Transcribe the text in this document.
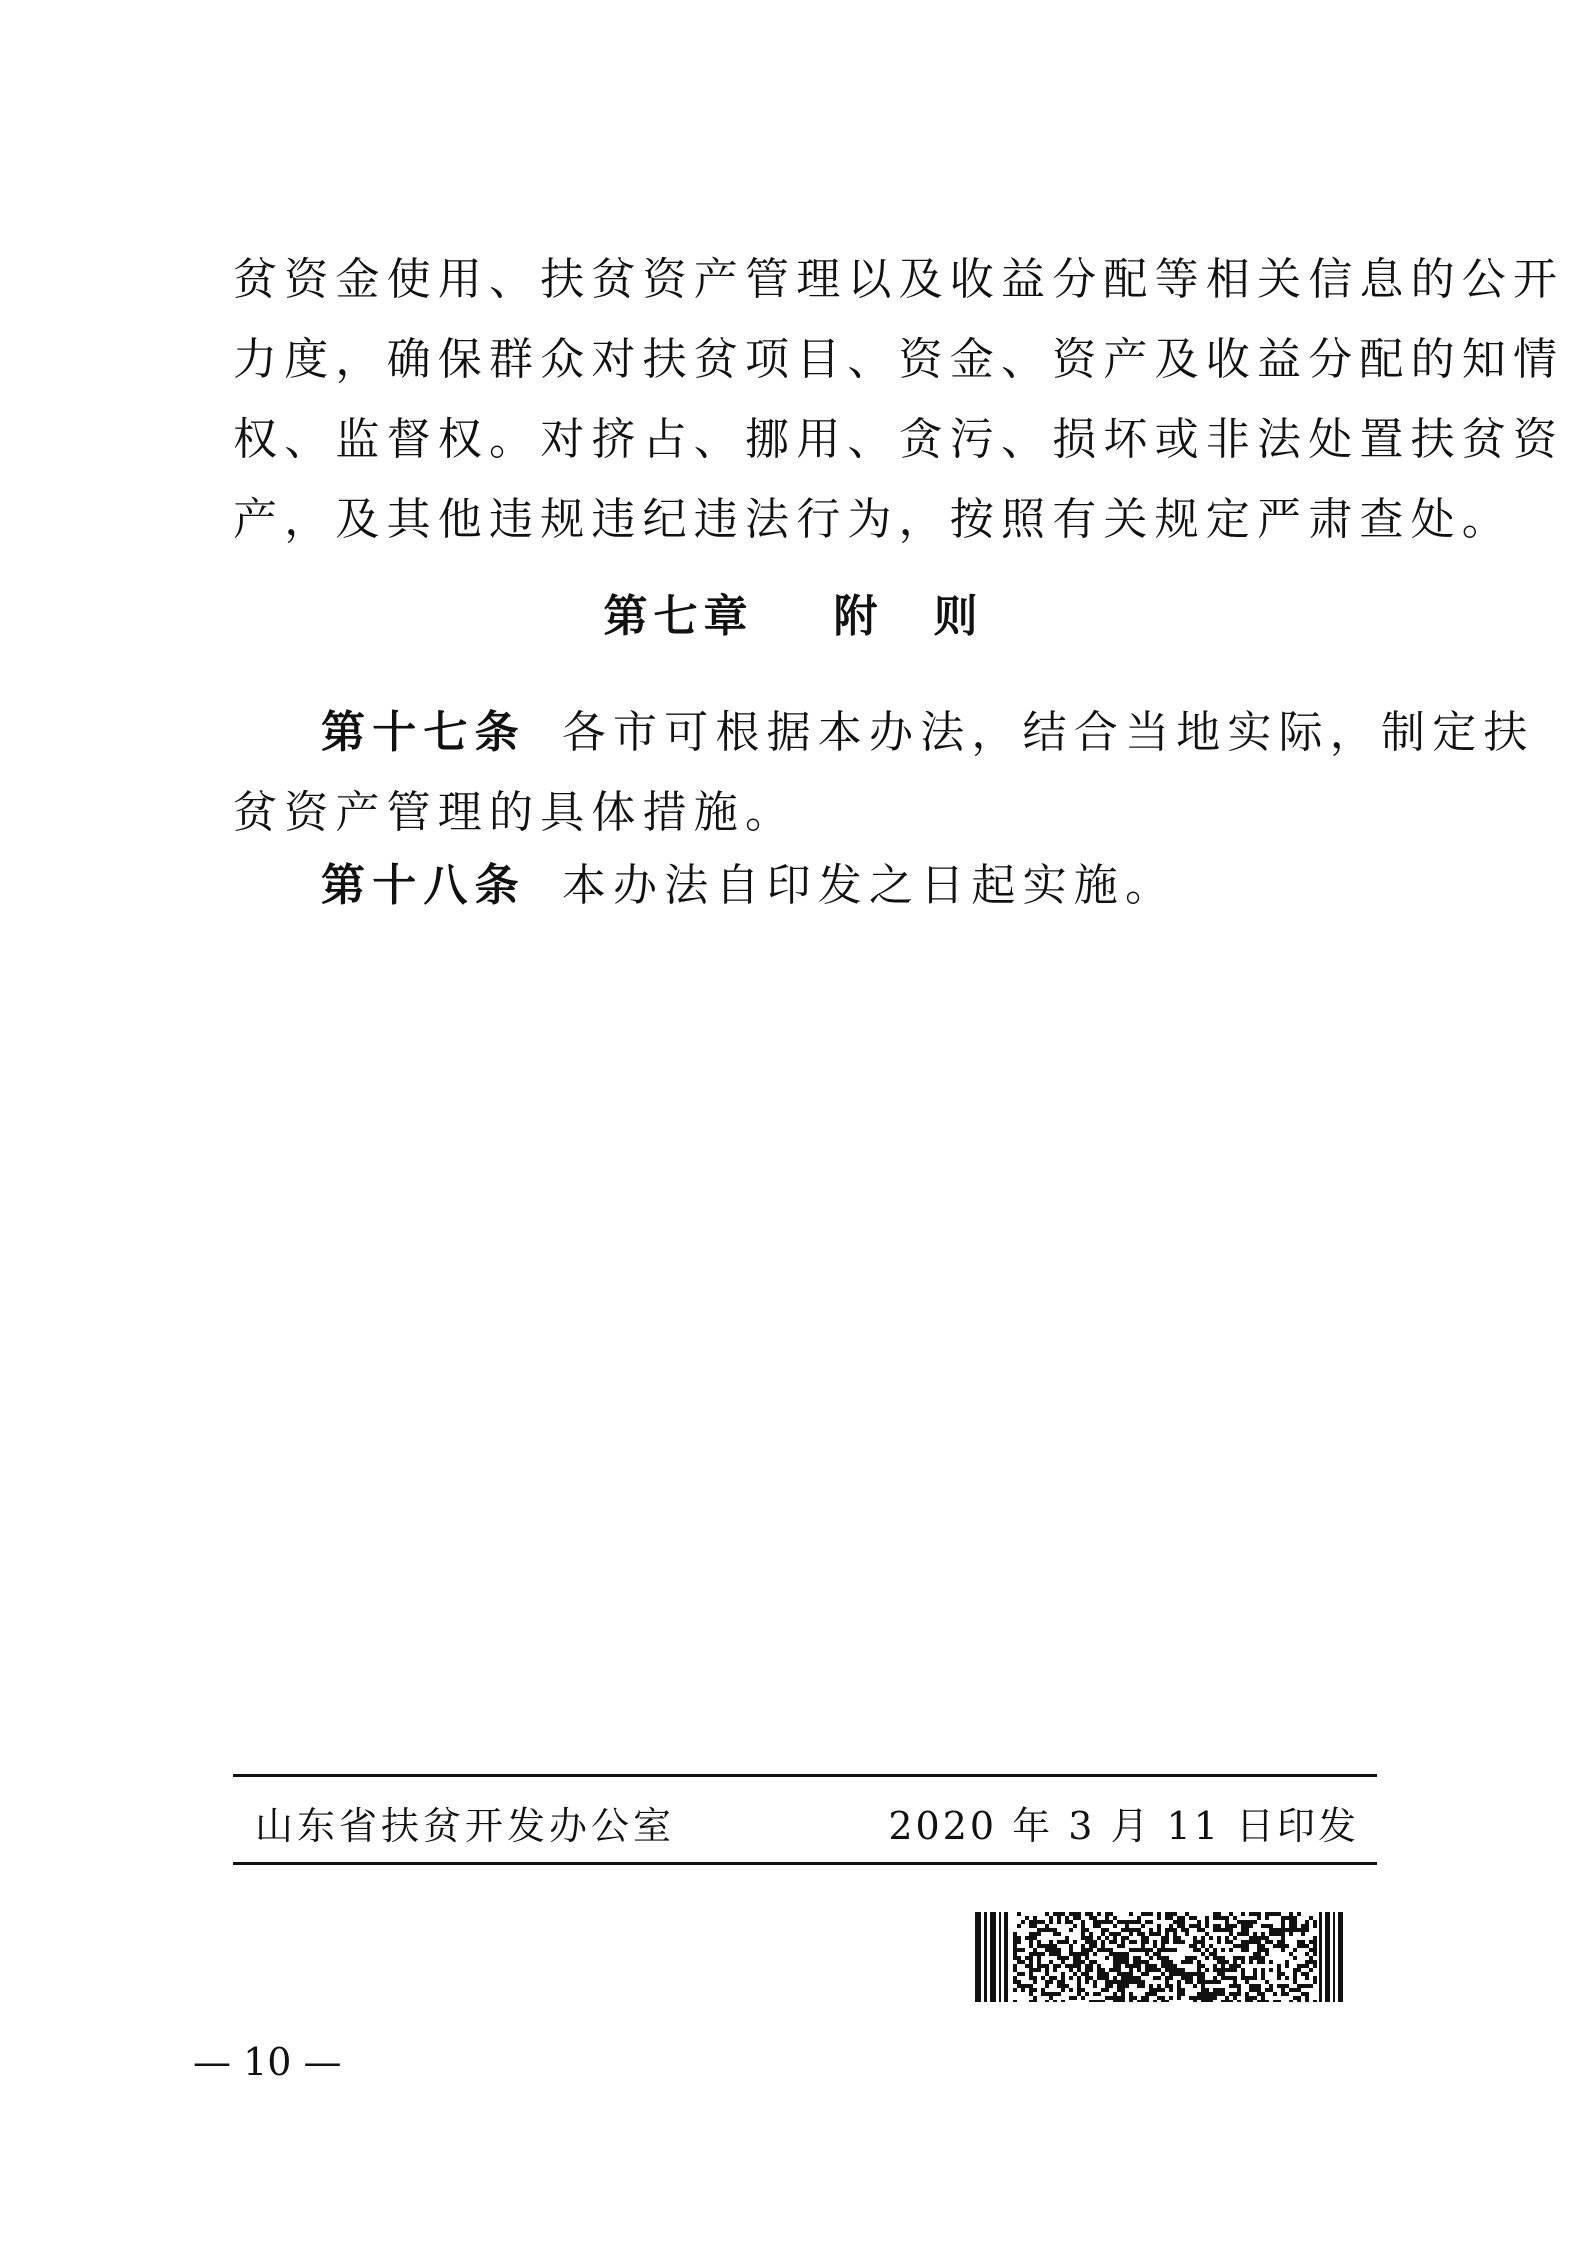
贫资金使用、扶贫资产管理以及收益分配等相关信息的公开
力度，确保群众对扶贫项目、资金、资产及收益分配的知情
权、监督权。对挤占、挪用、贪污、损坏或非法处置扶贫资
产，及其他违规违纪违法行为，按照有关规定严肃查处。
第七章 附　则
第十七条 各市可根据本办法，结合当地实际，制定扶
贫资产管理的具体措施。
第十八条 本办法自印发之日起实施。
山东省扶贫开发办公室	2020 年 3 月 11 日印发
— 10 —
